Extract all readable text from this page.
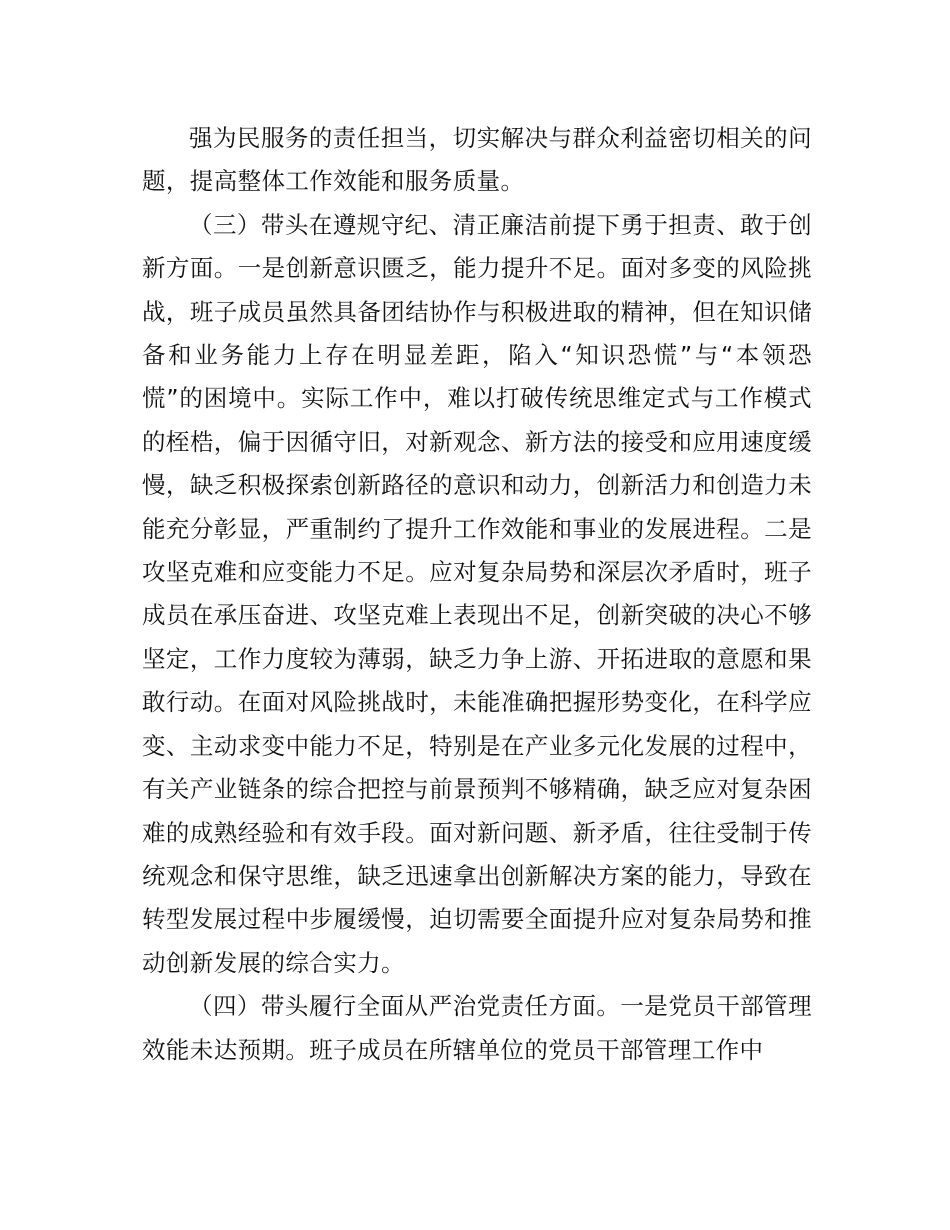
强为民服务的责任担当，切实解决与群众利益密切相关的问题，提高整体工作效能和服务质量。

（三）带头在遵规守纪、清正廉洁前提下勇于担责、敢于创新方面。一是创新意识匮乏，能力提升不足。面对多变的风险挑战，班子成员虽然具备团结协作与积极进取的精神，但在知识储备和业务能力上存在明显差距，陷入“知识恐慌”与“本领恐慌”的困境中。实际工作中，难以打破传统思维定式与工作模式的桎梏，偏于因循守旧，对新观念、新方法的接受和应用速度缓慢，缺乏积极探索创新路径的意识和动力，创新活力和创造力未能充分彰显，严重制约了提升工作效能和事业的发展进程。二是攻坚克难和应变能力不足。应对复杂局势和深层次矛盾时，班子成员在承压奋进、攻坚克难上表现出不足，创新突破的决心不够坚定，工作力度较为薄弱，缺乏力争上游、开拓进取的意愿和果敢行动。在面对风险挑战时，未能准确把握形势变化，在科学应变、主动求变中能力不足，特别是在产业多元化发展的过程中，有关产业链条的综合把控与前景预判不够精确，缺乏应对复杂困难的成熟经验和有效手段。面对新问题、新矛盾，往往受制于传统观念和保守思维，缺乏迅速拿出创新解决方案的能力，导致在转型发展过程中步履缓慢，迫切需要全面提升应对复杂局势和推动创新发展的综合实力。

（四）带头履行全面从严治党责任方面。一是党员干部管理效能未达预期。班子成员在所辖单位的党员干部管理工作中
